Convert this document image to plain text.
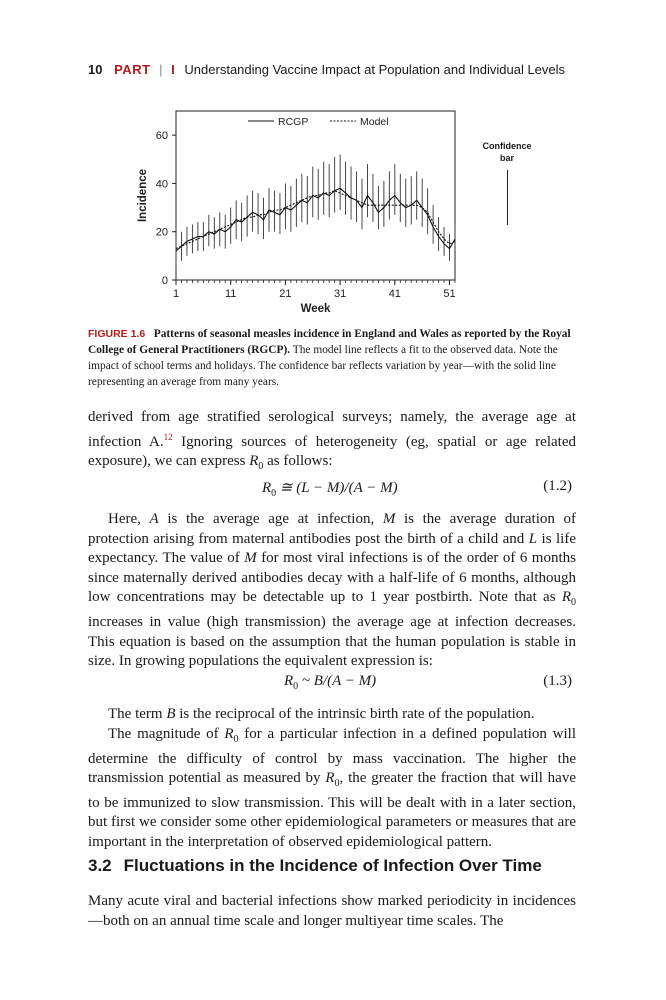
10 PART | I Understanding Vaccine Impact at Population and Individual Levels
0
20
40
60
1	11	21	31	41	51
Week
Incidence
RCGP	Model
Confidence
bar
FIGURE 1.6 Patterns of seasonal measles incidence in England and Wales as reported by the Royal College of General Practitioners (RGCP). The model line reflects a fit to the observed data. Note the impact of school terms and holidays. The confidence bar reflects variation by year—with the solid line representing an average from many years.
derived from age stratified serological surveys; namely, the average age at infection A.$^{12}$ Ignoring sources of heterogeneity (eg, spatial or age related exposure), we can express $R_0$ as follows:
$R_0$ ≅ (L − M)/(A − M)	(1.2)
Here, A is the average age at infection, M is the average duration of protection arising from maternal antibodies post the birth of a child and L is life expectancy. The value of M for most viral infections is of the order of 6 months since maternally derived antibodies decay with a half-life of 6 months, although low concentrations may be detectable up to 1 year postbirth. Note that as $R_0$ increases in value (high transmission) the average age at infection decreases. This equation is based on the assumption that the human population is stable in size. In growing populations the equivalent expression is:
$R_0$ ~ B/(A − M)	(1.3)
The term B is the reciprocal of the intrinsic birth rate of the population.
The magnitude of $R_0$ for a particular infection in a defined population will determine the difficulty of control by mass vaccination. The higher the transmission potential as measured by $R_0$, the greater the fraction that will have to be immunized to slow transmission. This will be dealt with in a later section, but first we consider some other epidemiological parameters or measures that are important in the interpretation of observed epidemiological pattern.
3.2 Fluctuations in the Incidence of Infection Over Time
Many acute viral and bacterial infections show marked periodicity in incidences—both on an annual time scale and longer multiyear time scales. The
